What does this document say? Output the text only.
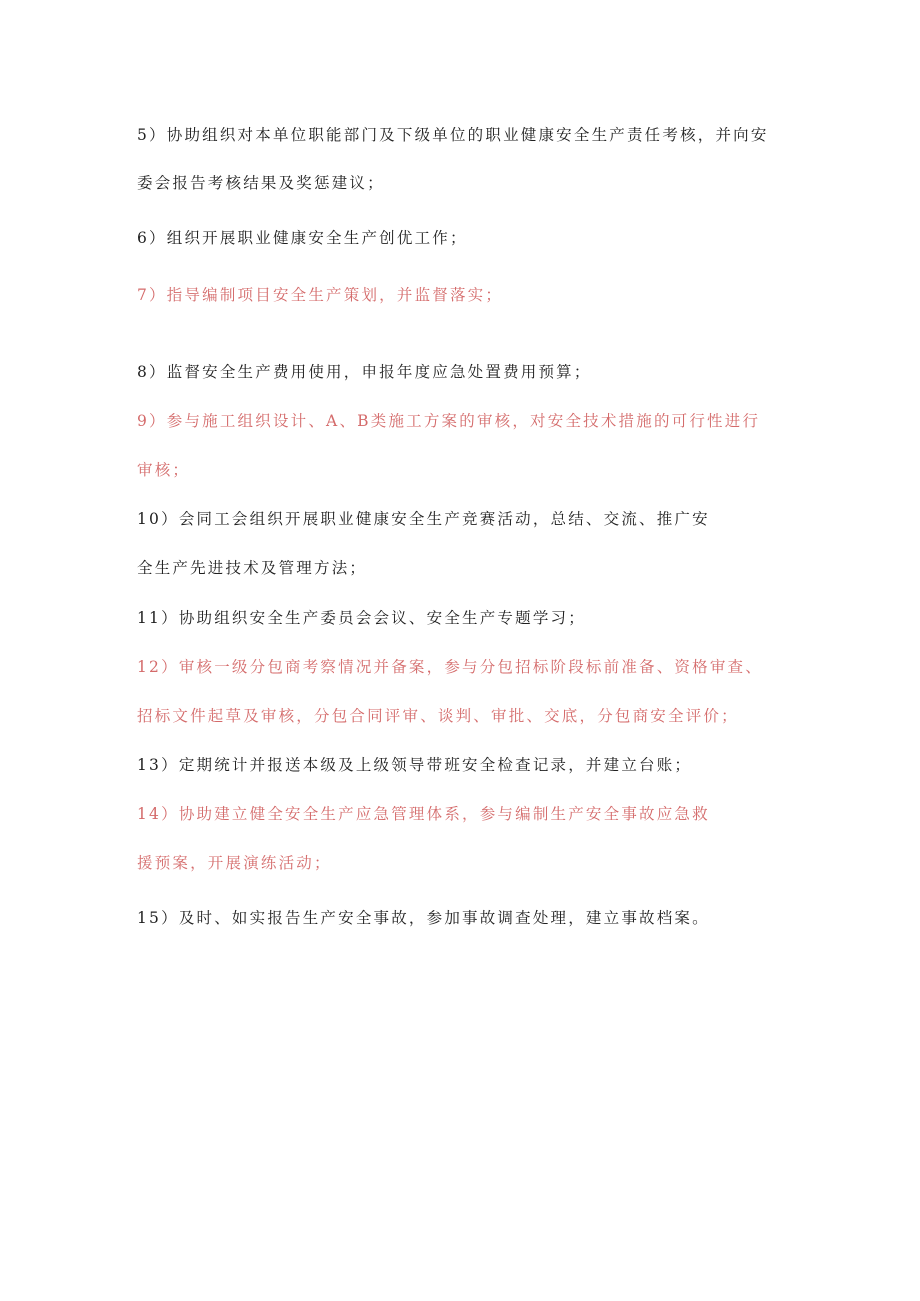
5）协助组织对本单位职能部门及下级单位的职业健康安全生产责任考核，并向安
委会报告考核结果及奖惩建议；
6）组织开展职业健康安全生产创优工作；
7）指导编制项目安全生产策划，并监督落实；
8）监督安全生产费用使用，申报年度应急处置费用预算；
9）参与施工组织设计、A、B类施工方案的审核，对安全技术措施的可行性进行
审核；
10）会同工会组织开展职业健康安全生产竞赛活动，总结、交流、推广安
全生产先进技术及管理方法；
11）协助组织安全生产委员会会议、安全生产专题学习；
12）审核一级分包商考察情况并备案，参与分包招标阶段标前准备、资格审查、
招标文件起草及审核，分包合同评审、谈判、审批、交底，分包商安全评价；
13）定期统计并报送本级及上级领导带班安全检查记录，并建立台账；
14）协助建立健全安全生产应急管理体系，参与编制生产安全事故应急救
援预案，开展演练活动；
15）及时、如实报告生产安全事故，参加事故调查处理，建立事故档案。
